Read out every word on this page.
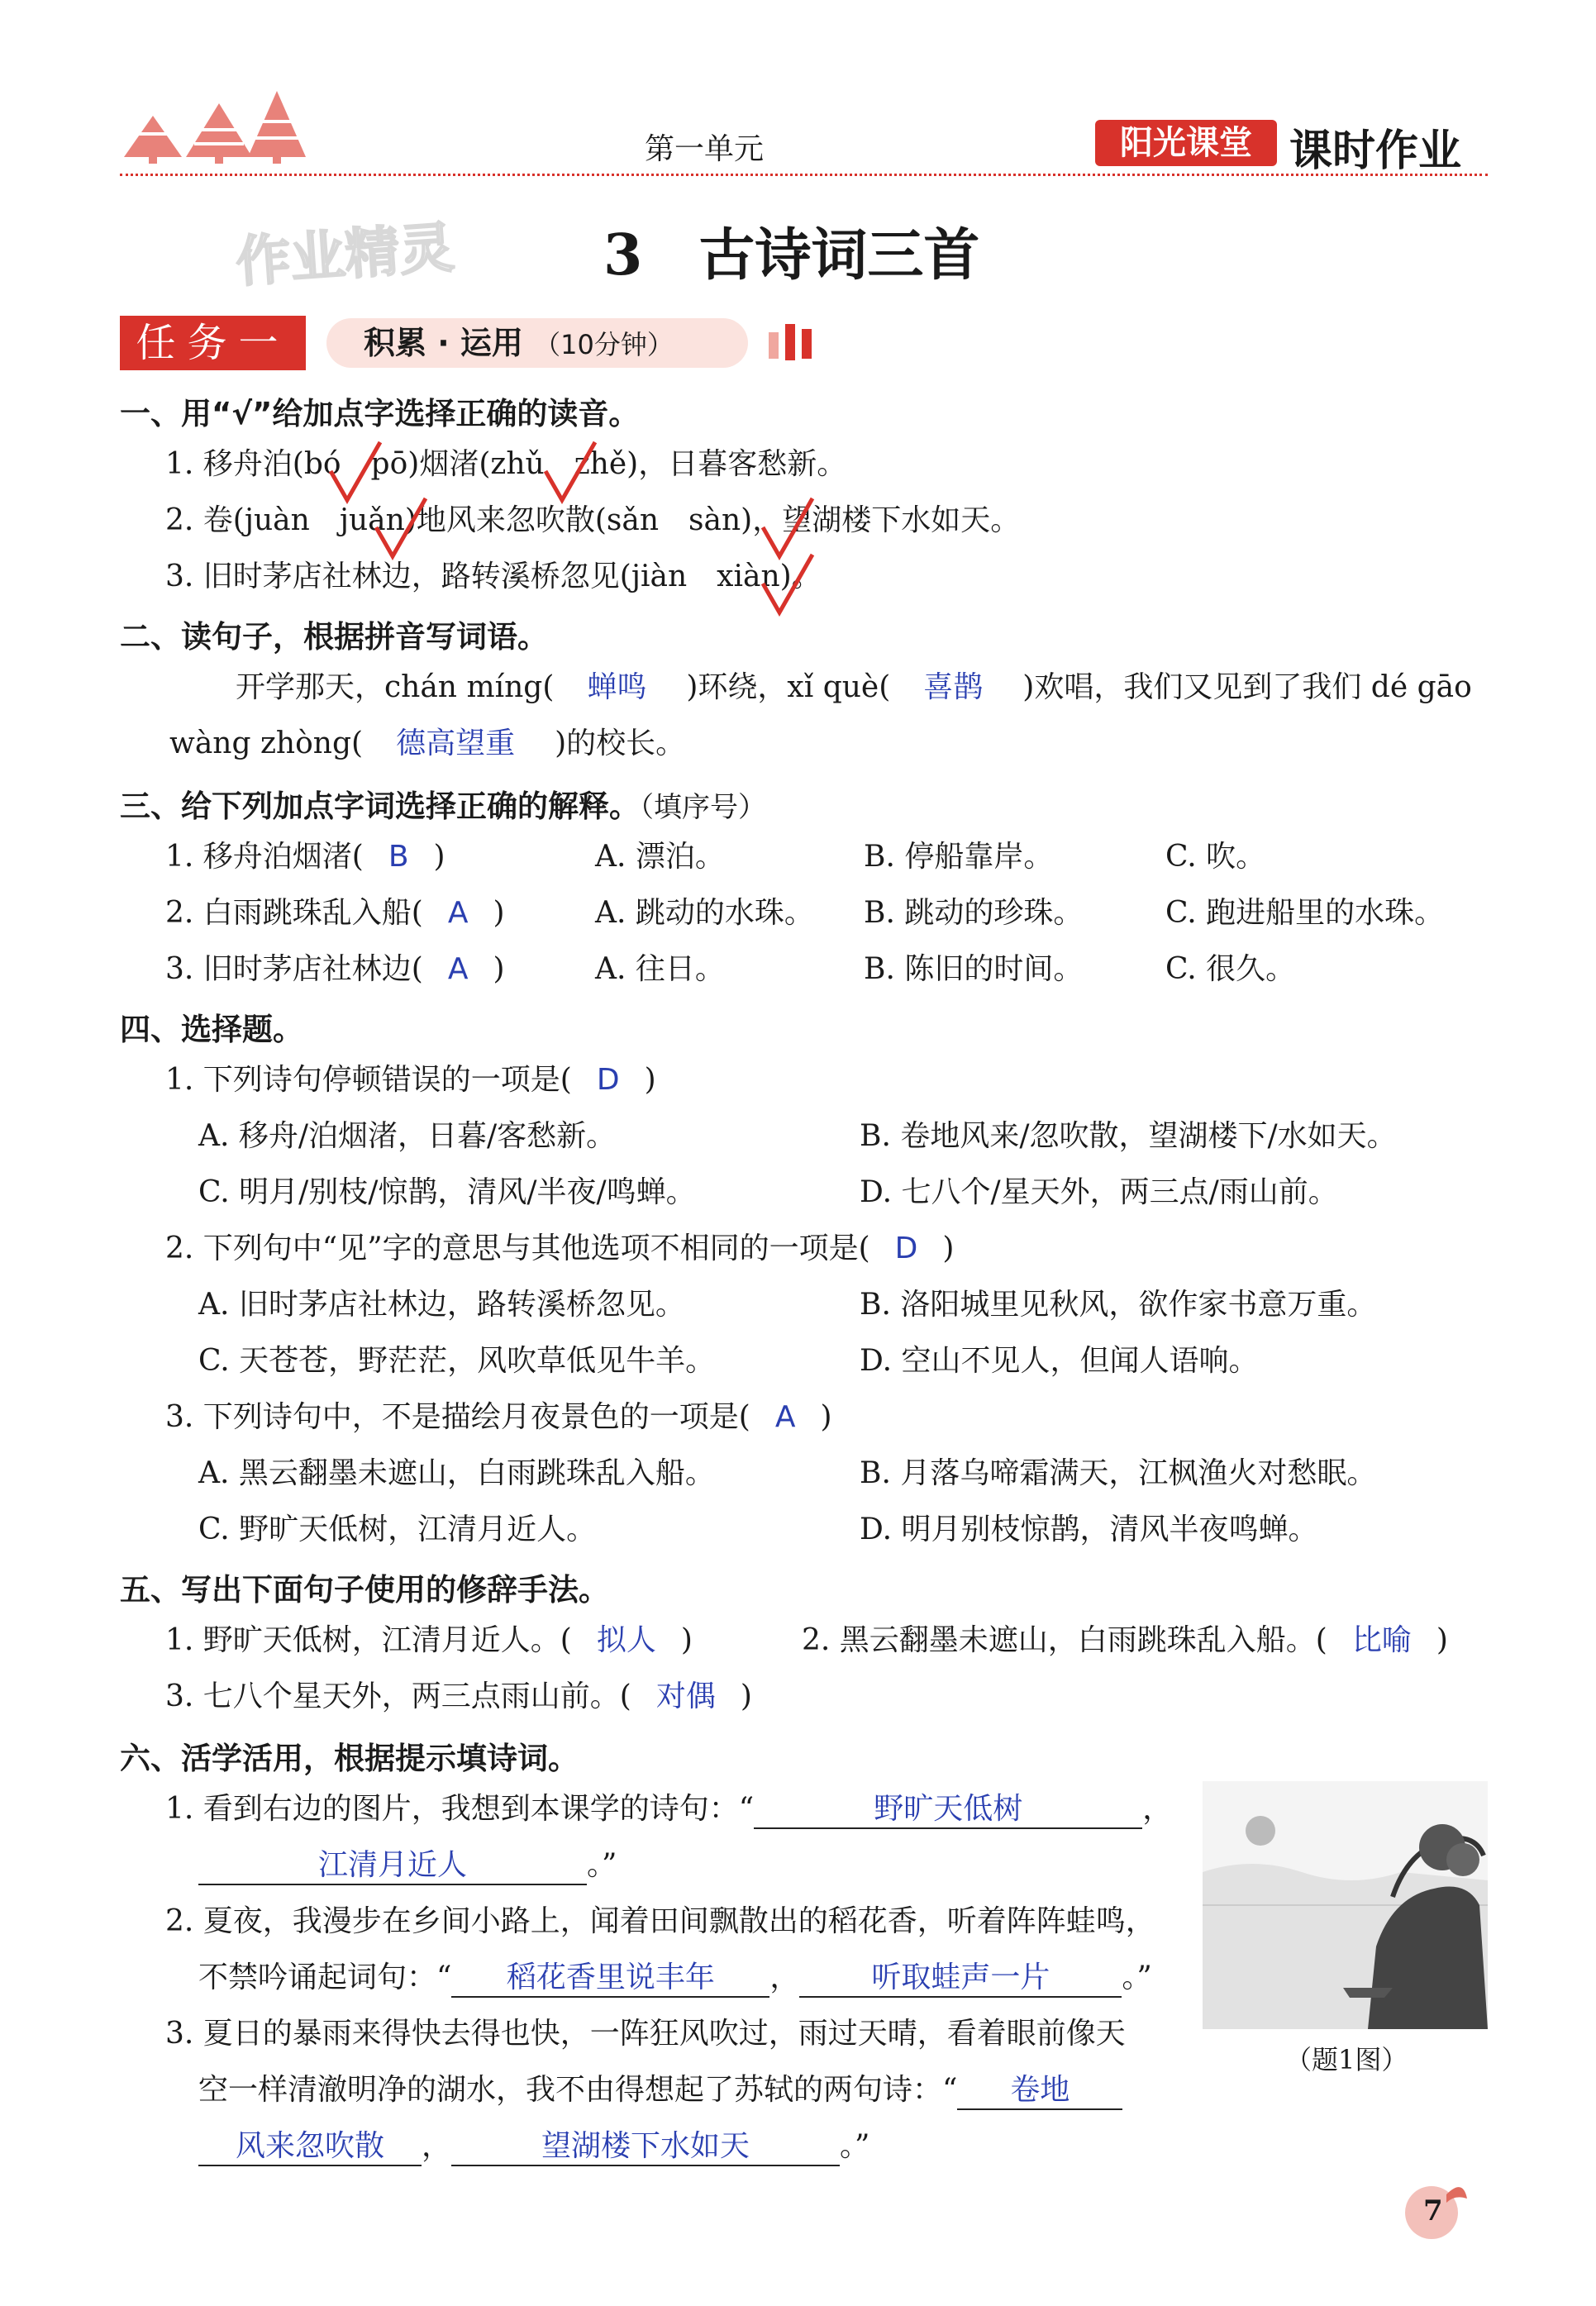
第一单元	阳光课堂 课时作业
作业精灵	3　古诗词三首
任务一	积累 · 运用 （10分钟）
一、用“√”给加点字选择正确的读音。
1. 移舟泊(bó　pō)烟渚(zhǔ　zhě)，日暮客愁新。
2. 卷(juàn　juǎn)地风来忽吹散(sǎn　sàn)，望湖楼下水如天。
3. 旧时茅店社林边，路转溪桥忽见(jiàn　xiàn)。
二、读句子，根据拼音写词语。
开学那天，chán míng( 蝉鸣 )环绕，xǐ què( 喜鹊 )欢唱，我们又见到了我们 dé gāo
wàng zhòng( 德高望重 )的校长。
三、给下列加点字词选择正确的解释。（填序号）
1. 移舟泊烟渚( B )	A. 漂泊。	B. 停船靠岸。	C. 吹。
2. 白雨跳珠乱入船( A )	A. 跳动的水珠。 B. 跳动的珍珠。	C. 跑进船里的水珠。
3. 旧时茅店社林边( A )	A. 往日。	B. 陈旧的时间。	C. 很久。
四、选择题。
1. 下列诗句停顿错误的一项是( D )
A. 移舟/泊烟渚，日暮/客愁新。	B. 卷地风来/忽吹散，望湖楼下/水如天。
C. 明月/别枝/惊鹊，清风/半夜/鸣蝉。	D. 七八个/星天外，两三点/雨山前。
2. 下列句中“见”字的意思与其他选项不相同的一项是( D )
A. 旧时茅店社林边，路转溪桥忽见。	B. 洛阳城里见秋风，欲作家书意万重。
C. 天苍苍，野茫茫，风吹草低见牛羊。	D. 空山不见人，但闻人语响。
3. 下列诗句中，不是描绘月夜景色的一项是( A )
A. 黑云翻墨未遮山，白雨跳珠乱入船。	B. 月落乌啼霜满天，江枫渔火对愁眠。
C. 野旷天低树，江清月近人。	D. 明月别枝惊鹊，清风半夜鸣蝉。
五、写出下面句子使用的修辞手法。
1. 野旷天低树，江清月近人。( 拟人 )	2. 黑云翻墨未遮山，白雨跳珠乱入船。( 比喻 )
3. 七八个星天外，两三点雨山前。( 对偶 )
六、活学活用，根据提示填诗词。
1. 看到右边的图片，我想到本课学的诗句：“	野旷天低树	，
江清月近人	。”
2. 夏夜，我漫步在乡间小路上，闻着田间飘散出的稻花香，听着阵阵蛙鸣，
不禁吟诵起词句：“ 稻花香里说丰年 ， 听取蛙声一片 。”
3. 夏日的暴雨来得快去得也快，一阵狂风吹过，雨过天晴，看着眼前像天
空一样清澈明净的湖水，我不由得想起了苏轼的两句诗：“ 卷地
风来忽吹散 ，	望湖楼下水如天	。”
（题1图）
7
